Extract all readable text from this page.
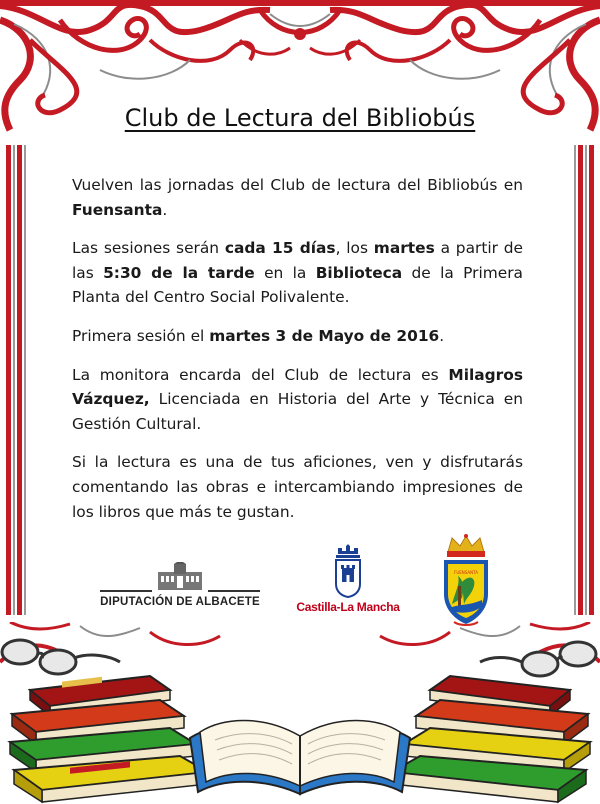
Club de Lectura del Bibliobús

Vuelven las jornadas del Club de lectura del Bibliobús en Fuensanta.

Las sesiones serán cada 15 días, los martes a partir de las 5:30 de la tarde en la Biblioteca de la Primera Planta del Centro Social Polivalente.

Primera sesión el martes 3 de Mayo de 2016.

La monitora encarda del Club de lectura es Milagros Vázquez, Licenciada en Historia del Arte y Técnica en Gestión Cultural.

Si la lectura es una de tus aficiones, ven y disfrutarás comentando las obras e intercambiando impresiones de los libros que más te gustan.

DIPUTACIÓN DE ALBACETE	Castilla-La Mancha
FUENSANTA
